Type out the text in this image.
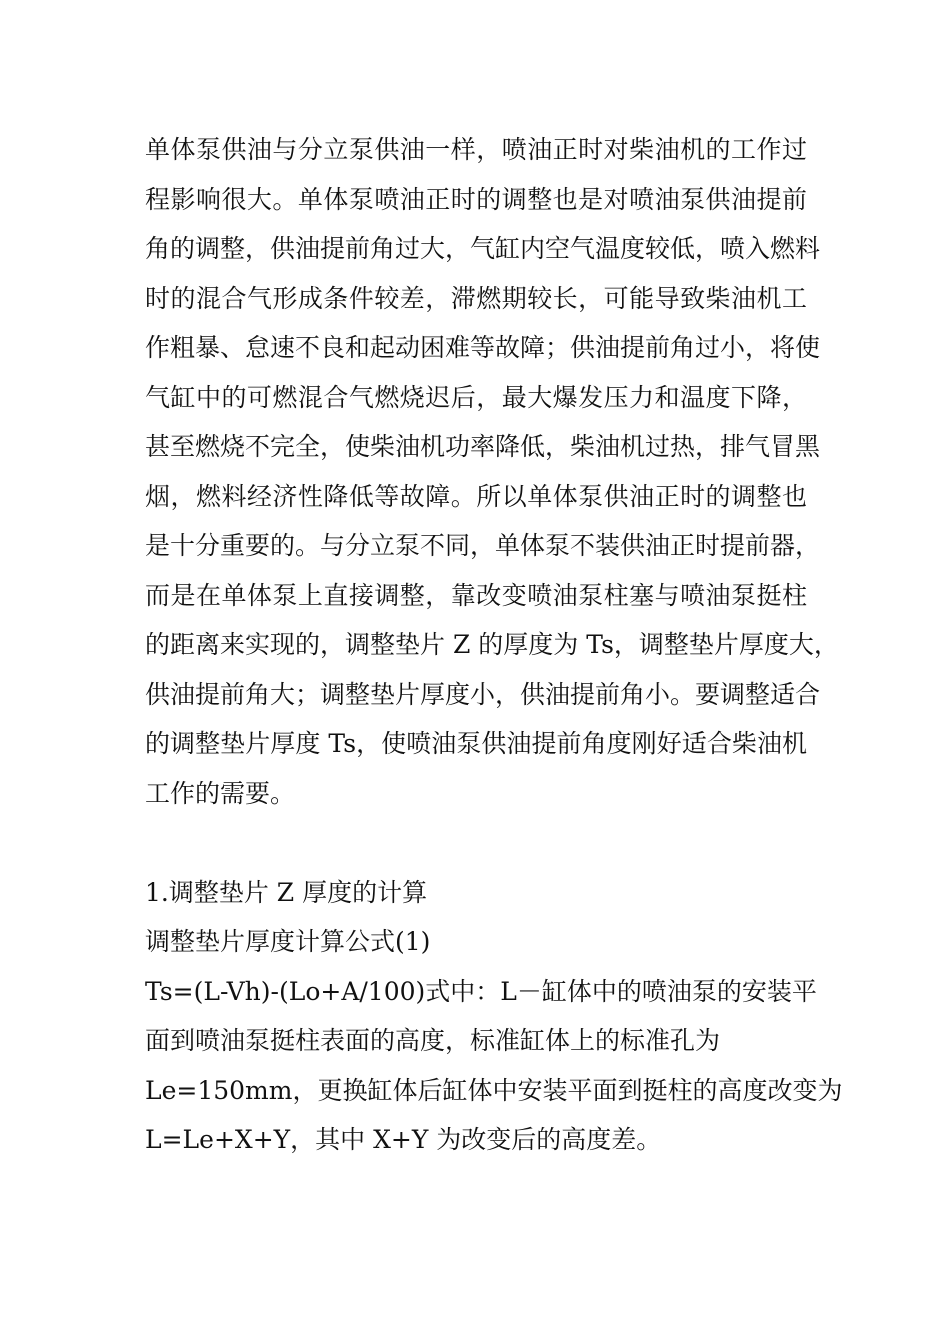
单体泵供油与分立泵供油一样，喷油正时对柴油机的工作过
程影响很大。单体泵喷油正时的调整也是对喷油泵供油提前
角的调整，供油提前角过大，气缸内空气温度较低，喷入燃料
时的混合气形成条件较差，滞燃期较长，可能导致柴油机工
作粗暴、怠速不良和起动困难等故障；供油提前角过小，将使
气缸中的可燃混合气燃烧迟后，最大爆发压力和温度下降，
甚至燃烧不完全，使柴油机功率降低，柴油机过热，排气冒黑
烟，燃料经济性降低等故障。所以单体泵供油正时的调整也
是十分重要的。与分立泵不同，单体泵不装供油正时提前器，
而是在单体泵上直接调整，靠改变喷油泵柱塞与喷油泵挺柱
的距离来实现的，调整垫片 Z 的厚度为 Ts，调整垫片厚度大，
供油提前角大；调整垫片厚度小，供油提前角小。要调整适合
的调整垫片厚度 Ts，使喷油泵供油提前角度刚好适合柴油机
工作的需要。
1.调整垫片 Z 厚度的计算
调整垫片厚度计算公式(1)
Ts=(L-Vh)-(Lo+A/100)式中：L－缸体中的喷油泵的安装平
面到喷油泵挺柱表面的高度，标准缸体上的标准孔为
Le=150mm，更换缸体后缸体中安装平面到挺柱的高度改变为
L=Le+X+Y，其中 X+Y 为改变后的高度差。
